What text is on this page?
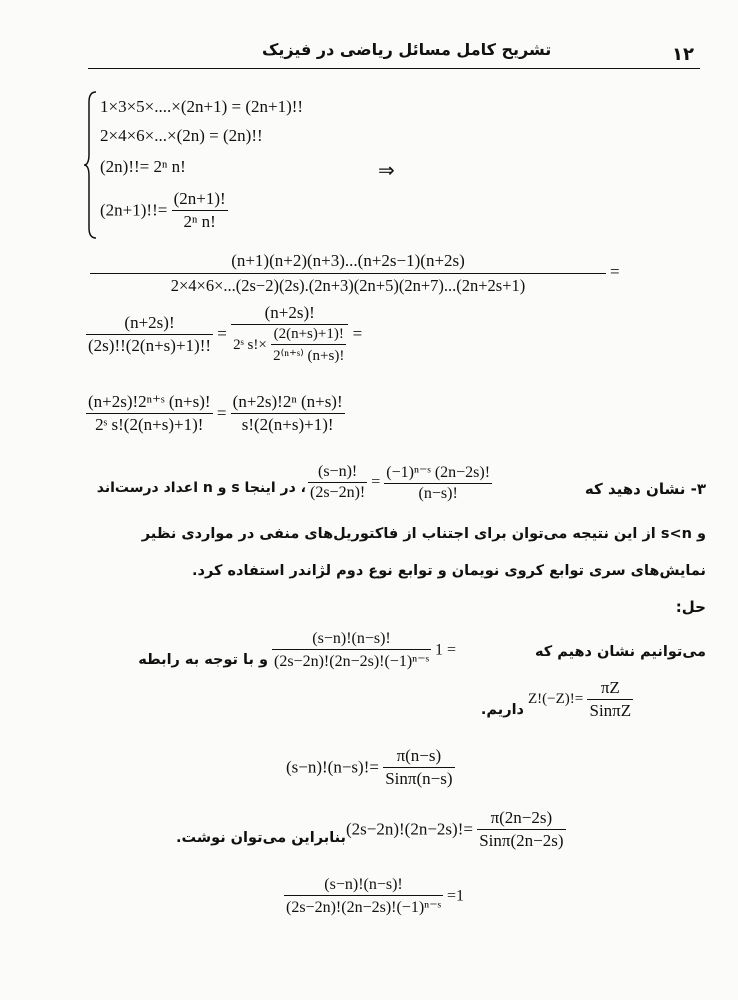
۱۲
تشریح کامل مسائل ریاضی در فیزیک
1×3×5×....×(2n+1) = (2n+1)!!
2×4×6×...×(2n) = (2n)!!
(2n)!!= 2ⁿ n!	⇒
$(2n+1)!!= \frac{(2n+1)!}{\text{2ⁿ n!}}$
$\frac{(n+1)(n+2)(n+3)...(n+2s-1)(n+2s)}{2\times 4\times 6\times...(2s-2)(2s).(2n+3)(2n+5)(2n+7)...(2n+2s+1)}$ =
$\frac{(n+2s)!}{(2s)!!(2(n+s)+1)!!} = \frac{(n+2s)!}{2ˢ s!\times \frac{(2(n+s)+1)!}{\text{2⁽ⁿ⁺ˢ⁾ (n+s)!}}}$ =
$\frac{\text{(n+2s)!2ⁿ⁺ˢ (n+s)!}}{\text{2ˢ s!(2(n+s)+1)!}} = \frac{\text{(n+2s)!2ⁿ (n+s)!}}{s!(2(n+s)+1)!}$
۳- نشان دهید که
$\frac{(s-n)!}{(2s-2n)!} = \frac{\text{(−1)ⁿ⁻ˢ (2n−2s)!}}{(n-s)!}$
، در اینجا s و n اعداد درست‌اند
و s<n از این نتیجه می‌توان برای اجتناب از فاکتوریل‌های منفی در مواردی نظیر
نمایش‌های سری توابع کروی نویمان و توابع نوع دوم لژاندر استفاده کرد.
حل:
می‌توانیم نشان دهیم که
$\frac{(s-n)!(n-s)!}{\text{(2s−2n)!(2n−2s)!(−1)ⁿ⁻ˢ}} 1$ =
و با توجه به رابطه
$Z!(-Z)!= \frac{\pi Z}{\text{SinπZ}}$
داریم.
$(s-n)!(n-s)!= \frac{\pi(n-s)}{\text{Sinπ(n−s)}}$
بنابراین می‌توان نوشت. $(2s-2n)!(2n-2s)!= \frac{\pi(2n-2s)}{\text{Sinπ(2n−2s)}}$
$\frac{(s-n)!(n-s)!}{\text{(2s−2n)!(2n−2s)!(−1)ⁿ⁻ˢ}} =1$
